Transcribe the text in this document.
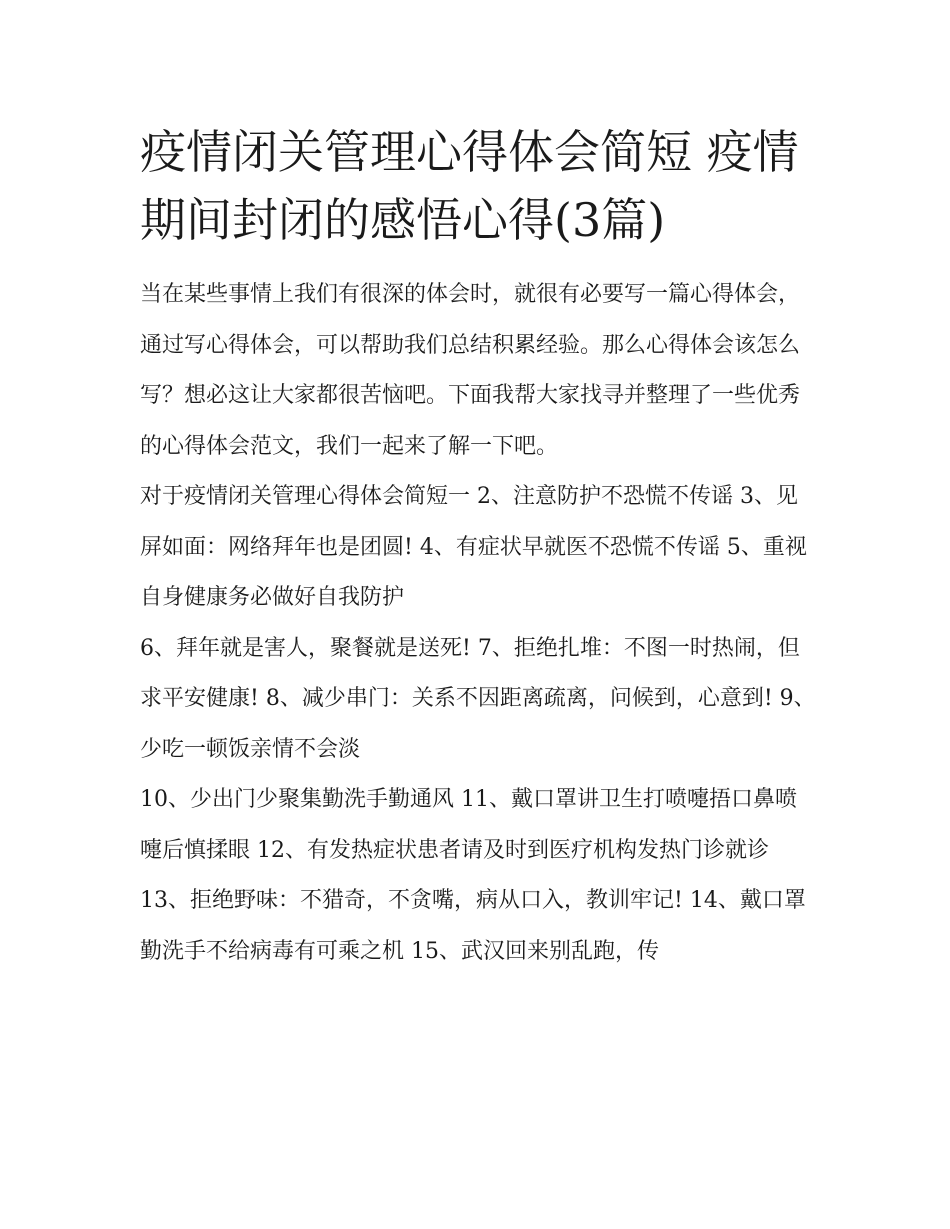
疫情闭关管理心得体会简短 疫情期间封闭的感悟心得(3篇)

当在某些事情上我们有很深的体会时，就很有必要写一篇心得体会，通过写心得体会，可以帮助我们总结积累经验。那么心得体会该怎么写？想必这让大家都很苦恼吧。下面我帮大家找寻并整理了一些优秀的心得体会范文，我们一起来了解一下吧。

对于疫情闭关管理心得体会简短一 2、注意防护不恐慌不传谣 3、见屏如面：网络拜年也是团圆! 4、有症状早就医不恐慌不传谣 5、重视自身健康务必做好自我防护

6、拜年就是害人，聚餐就是送死! 7、拒绝扎堆：不图一时热闹，但求平安健康! 8、减少串门：关系不因距离疏离，问候到，心意到! 9、少吃一顿饭亲情不会淡

10、少出门少聚集勤洗手勤通风 11、戴口罩讲卫生打喷嚏捂口鼻喷嚏后慎揉眼 12、有发热症状患者请及时到医疗机构发热门诊就诊

13、拒绝野味：不猎奇，不贪嘴，病从口入，教训牢记! 14、戴口罩勤洗手不给病毒有可乘之机 15、武汉回来别乱跑，传
